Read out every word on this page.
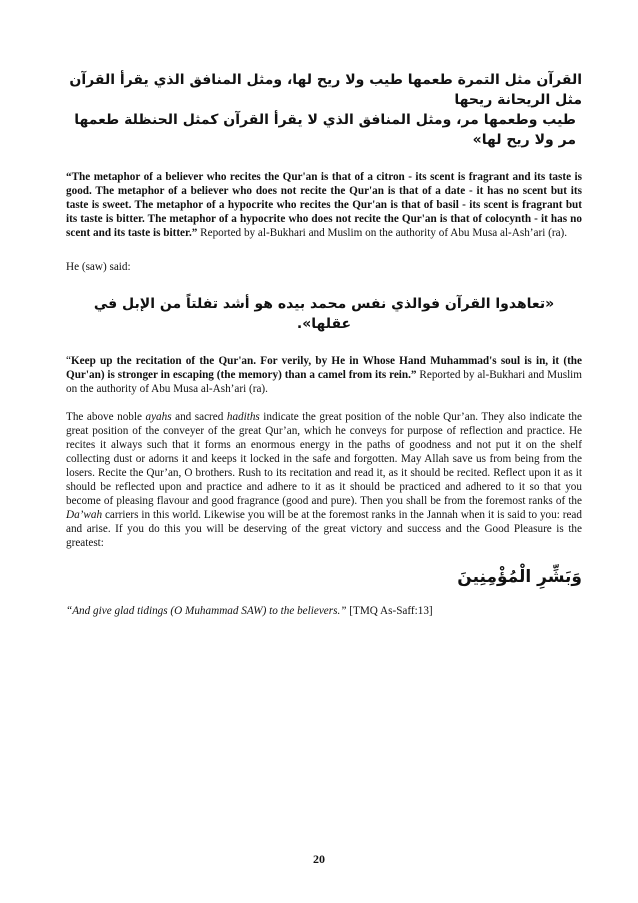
القرآن مثل التمرة طعمها طيب ولا ريح لها، ومثل المنافق الذي يقرأ القرآن مثل الريحانة ريحها

طيب وطعمها مر، ومثل المنافق الذي لا يقرأ القرآن كمثل الحنظلة طعمها مر ولا ريح لها»

“The metaphor of a believer who recites the Qur'an is that of a citron - its scent is fragrant and its taste is good. The metaphor of a believer who does not recite the Qur'an is that of a date - it has no scent but its taste is sweet. The metaphor of a hypocrite who recites the Qur'an is that of basil - its scent is fragrant but its taste is bitter. The metaphor of a hypocrite who does not recite the Qur'an is that of colocynth - it has no scent and its taste is bitter.” Reported by al-Bukhari and Muslim on the authority of Abu Musa al-Ash’ari (ra).

He (saw) said:

«تعاهدوا القرآن فوالذي نفس محمد بيده هو أشد تفلتاً من الإبل في عقلها».

“Keep up the recitation of the Qur'an. For verily, by He in Whose Hand Muhammad's soul is in, it (the Qur'an) is stronger in escaping (the memory) than a camel from its rein.” Reported by al-Bukhari and Muslim on the authority of Abu Musa al-Ash’ari (ra).

The above noble ayahs and sacred hadiths indicate the great position of the noble Qur’an. They also indicate the great position of the conveyer of the great Qur’an, which he conveys for purpose of reflection and practice. He recites it always such that it forms an enormous energy in the paths of goodness and not put it on the shelf collecting dust or adorns it and keeps it locked in the safe and forgotten. May Allah save us from being from the losers. Recite the Qur’an, O brothers. Rush to its recitation and read it, as it should be recited. Reflect upon it as it should be reflected upon and practice and adhere to it as it should be practiced and adhered to it so that you become of pleasing flavour and good fragrance (good and pure). Then you shall be from the foremost ranks of the Da’wah carriers in this world. Likewise you will be at the foremost ranks in the Jannah when it is said to you: read and arise. If you do this you will be deserving of the great victory and success and the Good Pleasure is the greatest:

وَبَشِّرِ الْمُؤْمِنِينَ

“And give glad tidings (O Muhammad SAW) to the believers.” [TMQ As-Saff:13]

20
